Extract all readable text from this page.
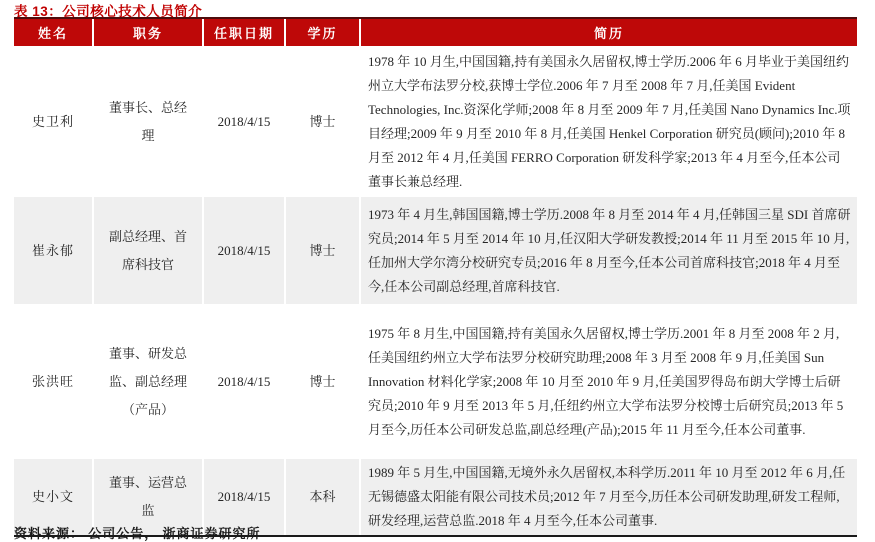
表 13：公司核心技术人员简介
姓名	职务	任职日期	学历	简历
史卫利	董事长、总经理	2018/4/15	博士	1978 年 10 月生,中国国籍,持有美国永久居留权,博士学历.2006 年 6 月毕业于美国纽约州立大学布法罗分校,获博士学位.2006 年 7 月至 2008 年 7 月,任美国 Evident Technologies, Inc.资深化学师;2008 年 8 月至 2009 年 7 月,任美国 Nano Dynamics Inc.项目经理;2009 年 9 月至 2010 年 8 月,任美国 Henkel Corporation 研究员(顾问);2010 年 8 月至 2012 年 4 月,任美国 FERRO Corporation 研发科学家;2013 年 4 月至今,任本公司董事长兼总经理.
崔永郁	副总经理、首席科技官	2018/4/15	博士	1973 年 4 月生,韩国国籍,博士学历.2008 年 8 月至 2014 年 4 月,任韩国三星 SDI 首席研究员;2014 年 5 月至 2014 年 10 月,任汉阳大学研发教授;2014 年 11 月至 2015 年 10 月,任加州大学尔湾分校研究专员;2016 年 8 月至今,任本公司首席科技官;2018 年 4 月至今,任本公司副总经理,首席科技官.
张洪旺	董事、研发总监、副总经理（产品）	2018/4/15	博士	1975 年 8 月生,中国国籍,持有美国永久居留权,博士学历.2001 年 8 月至 2008 年 2 月,任美国纽约州立大学布法罗分校研究助理;2008 年 3 月至 2008 年 9 月,任美国 Sun Innovation 材料化学家;2008 年 10 月至 2010 年 9 月,任美国罗得岛布朗大学博士后研究员;2010 年 9 月至 2013 年 5 月,任纽约州立大学布法罗分校博士后研究员;2013 年 5 月至今,历任本公司研发总监,副总经理(产品);2015 年 11 月至今,任本公司董事.
史小文	董事、运营总监	2018/4/15	本科	1989 年 5 月生,中国国籍,无境外永久居留权,本科学历.2011 年 10 月至 2012 年 6 月,任无锡德盛太阳能有限公司技术员;2012 年 7 月至今,历任本公司研发助理,研发工程师,研发经理,运营总监.2018 年 4 月至今,任本公司董事.
资料来源： 公司公告， 浙商证券研究所
